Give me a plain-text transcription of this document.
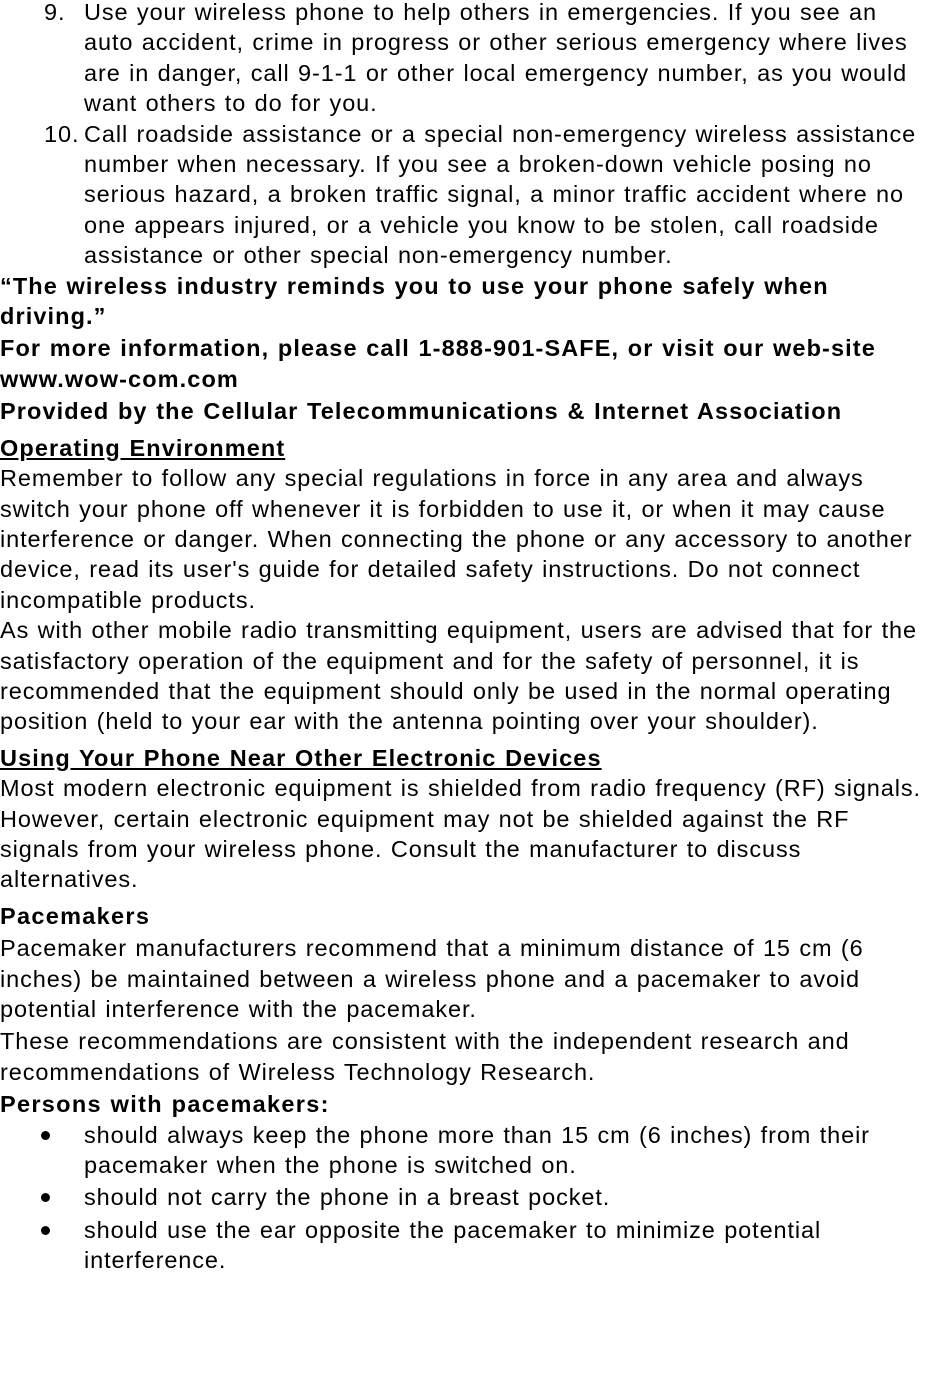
9. Use your wireless phone to help others in emergencies. If you see an auto accident, crime in progress or other serious emergency where lives are in danger, call 9-1-1 or other local emergency number, as you would want others to do for you.
10. Call roadside assistance or a special non-emergency wireless assistance number when necessary. If you see a broken-down vehicle posing no serious hazard, a broken traffic signal, a minor traffic accident where no one appears injured, or a vehicle you know to be stolen, call roadside assistance or other special non-emergency number.
“The wireless industry reminds you to use your phone safely when driving.”
For more information, please call 1-888-901-SAFE, or visit our web-site www.wow-com.com
Provided by the Cellular Telecommunications & Internet Association
Operating Environment

Remember to follow any special regulations in force in any area and always switch your phone off whenever it is forbidden to use it, or when it may cause interference or danger. When connecting the phone or any accessory to another device, read its user's guide for detailed safety instructions. Do not connect incompatible products.

As with other mobile radio transmitting equipment, users are advised that for the satisfactory operation of the equipment and for the safety of personnel, it is recommended that the equipment should only be used in the normal operating position (held to your ear with the antenna pointing over your shoulder).

Using Your Phone Near Other Electronic Devices

Most modern electronic equipment is shielded from radio frequency (RF) signals. However, certain electronic equipment may not be shielded against the RF signals from your wireless phone. Consult the manufacturer to discuss alternatives.

Pacemakers

Pacemaker manufacturers recommend that a minimum distance of 15 cm (6 inches) be maintained between a wireless phone and a pacemaker to avoid potential interference with the pacemaker.

These recommendations are consistent with the independent research and recommendations of Wireless Technology Research.

Persons with pacemakers:
should always keep the phone more than 15 cm (6 inches) from their pacemaker when the phone is switched on.
should not carry the phone in a breast pocket.
should use the ear opposite the pacemaker to minimize potential interference.
